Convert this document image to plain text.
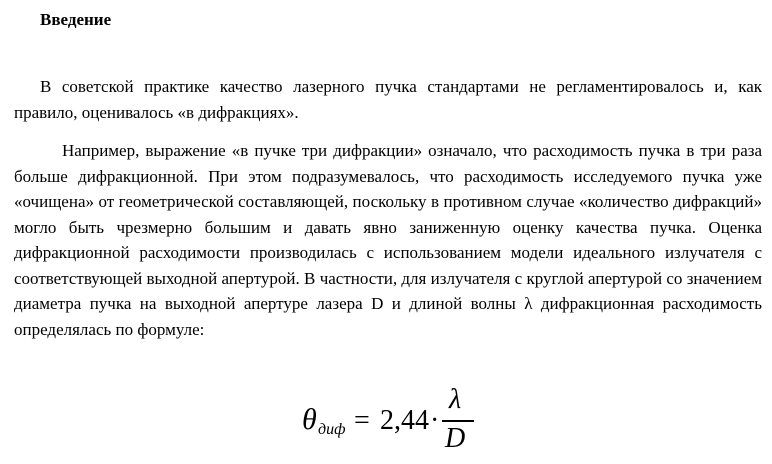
Введение

В советской практике качество лазерного пучка стандартами не регламентировалось и, как правило, оценивалось «в дифракциях».

Например, выражение «в пучке три дифракции» означало, что расходимость пучка в три раза больше дифракционной. При этом подразумевалось, что расходимость исследуемого пучка уже «очищена» от геометрической составляющей, поскольку в противном случае «количество дифракций» могло быть чрезмерно большим и давать явно заниженную оценку качества пучка. Оценка дифракционной расходимости производилась с использованием модели идеального излучателя с соответствующей выходной апертурой. В частности, для излучателя с круглой апертурой со значением диаметра пучка на выходной апертуре лазера D и длиной волны λ дифракционная расходимость определялась по формуле:

θ диф = 2,44 ·
λ
D
